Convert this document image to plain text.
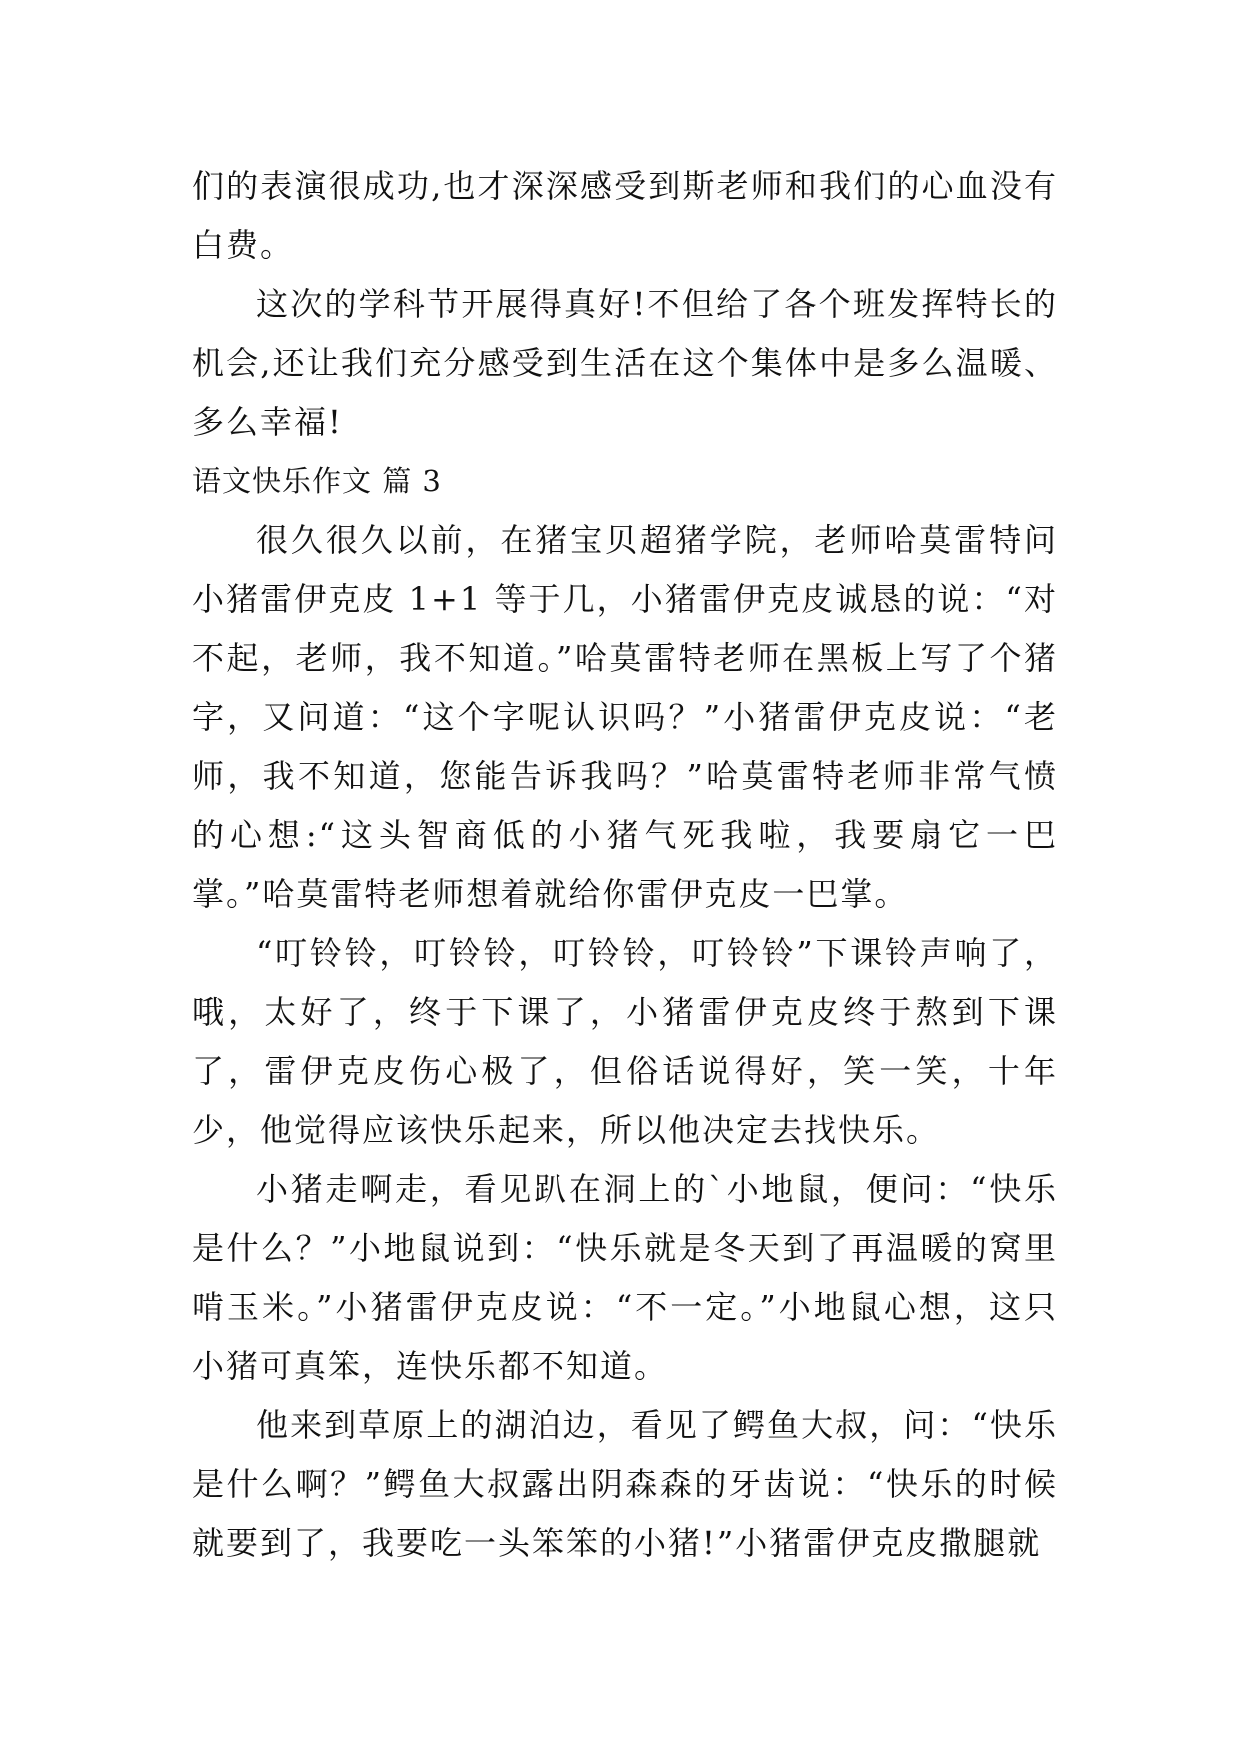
们的表演很成功,也才深深感受到斯老师和我们的心血没有白费。

这次的学科节开展得真好!不但给了各个班发挥特长的机会,还让我们充分感受到生活在这个集体中是多么温暖、多么幸福!

语文快乐作文 篇 3

很久很久以前，在猪宝贝超猪学院，老师哈莫雷特问小猪雷伊克皮 1+1 等于几，小猪雷伊克皮诚恳的说：“对不起，老师，我不知道。”哈莫雷特老师在黑板上写了个猪字，又问道：“这个字呢认识吗？”小猪雷伊克皮说：“老师，我不知道，您能告诉我吗？”哈莫雷特老师非常气愤的心想:“这头智商低的小猪气死我啦，我要扇它一巴掌。”哈莫雷特老师想着就给你雷伊克皮一巴掌。

“叮铃铃，叮铃铃，叮铃铃，叮铃铃”下课铃声响了，哦，太好了，终于下课了，小猪雷伊克皮终于熬到下课了，雷伊克皮伤心极了，但俗话说得好，笑一笑，十年少，他觉得应该快乐起来，所以他决定去找快乐。

小猪走啊走，看见趴在洞上的`小地鼠，便问：“快乐是什么？”小地鼠说到：“快乐就是冬天到了再温暖的窝里啃玉米。”小猪雷伊克皮说：“不一定。”小地鼠心想，这只小猪可真笨，连快乐都不知道。

他来到草原上的湖泊边，看见了鳄鱼大叔，问：“快乐是什么啊？”鳄鱼大叔露出阴森森的牙齿说：“快乐的时候就要到了，我要吃一头笨笨的小猪!”小猪雷伊克皮撒腿就
